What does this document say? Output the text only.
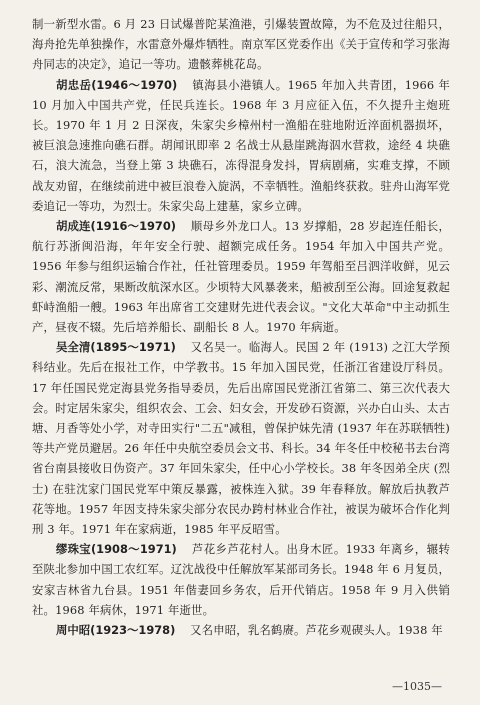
制一新型水雷。6 月 23 日试爆普陀某渔港，引爆装置故障，为不危及过往船只，海舟抢先单独操作，水雷意外爆炸牺牲。南京军区党委作出《关于宣传和学习张海舟同志的决定》，追记一等功。遗骸葬桃花岛。

胡忠岳(1946～1970) 镇海县小港镇人。1965 年加入共青团，1966 年 10 月加入中国共产党，任民兵连长。1968 年 3 月应征入伍，不久提升主炮班长。1970 年 1 月 2 日深夜，朱家尖乡樟州村一渔船在驻地附近淬面机器损坏，被巨浪急速推向礁石群。胡闻讯即率 2 名战士从悬崖跳海泅水营救，途经 4 块礁石，浪大流急，当登上第 3 块礁石，冻得混身发抖，胃病剧痛，实难支撑，不顾战友劝留，在继续前进中被巨浪卷入旋涡，不幸牺牲。渔船终获救。驻舟山海军党委追记一等功，为烈士。朱家尖岛上建墓，家乡立碑。

胡成连(1916～1970) 顺母乡外龙口人。13 岁撑船，28 岁起连任船长，航行苏浙闽沿海，年年安全行驶、超额完成任务。1954 年加入中国共产党。1956 年参与组织运输合作社，任社管理委员。1959 年驾船至吕泗洋收鲜，见云彩、潮流反常，果断改航深水区。少顷特大风暴袭来，船被刮至公海。回途复救起虾峙渔船一艘。1963 年出席省工交建财先进代表会议。"文化大革命"中主动抓生产，昼夜不辍。先后培养船长、副船长 8 人。1970 年病逝。

吴全清(1895～1971) 又名吴一。临海人。民国 2 年 (1913) 之江大学预科结业。先后在报社工作，中学教书。15 年加入国民党，任浙江省建设厅科员。17 年任国民党定海县党务指导委员，先后出席国民党浙江省第二、第三次代表大会。时定居朱家尖，组织农会、工会、妇女会，开发砂石资源，兴办白山头、太古塘、月香等处小学，对寺田实行"二五"减租，曾保护妹先清 (1937 年在苏联牺牲) 等共产党员避居。26 年任中央航空委员会文书、科长。34 年冬任中校秘书去台湾省台南县接收日伪资产。37 年回朱家尖，任中心小学校长。38 年冬因弟全庆 (烈士) 在驻沈家门国民党军中策反暴露，被株连入狱。39 年春释放。解放后执教芦花等地。1957 年因支持朱家尖部分农民办跨村林业合作社，被误为破坏合作化判刑 3 年。1971 年在家病逝，1985 年平反昭雪。

缪珠宝(1908～1971) 芦花乡芦花村人。出身木匠。1933 年离乡，辗转至陕北参加中国工农红军。辽沈战役中任解放军某部司务长。1948 年 6 月复员，安家吉林省九台县。1951 年偕妻回乡务农，后开代销店。1958 年 9 月入供销社。1968 年病休，1971 年逝世。

周中昭(1923～1978) 又名申昭，乳名鹤赓。芦花乡观碶头人。1938 年

—1035—
